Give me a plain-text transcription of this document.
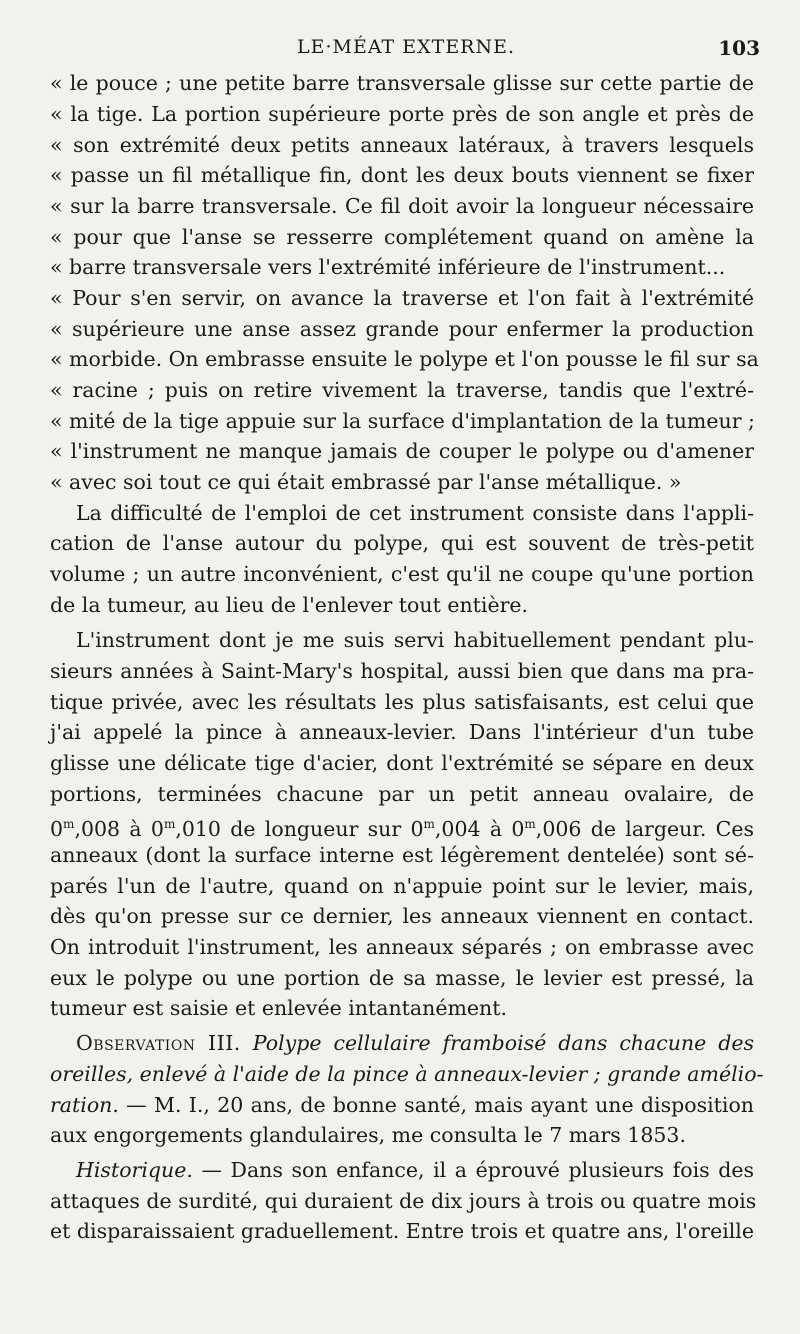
LE·MÉAT EXTERNE.	103
« le pouce ; une petite barre transversale glisse sur cette partie de
« la tige. La portion supérieure porte près de son angle et près de
« son extrémité deux petits anneaux latéraux, à travers lesquels
« passe un fil métallique fin, dont les deux bouts viennent se fixer
« sur la barre transversale. Ce fil doit avoir la longueur nécessaire
« pour que l'anse se resserre complétement quand on amène la
« barre transversale vers l'extrémité inférieure de l'instrument...
« Pour s'en servir, on avance la traverse et l'on fait à l'extrémité
« supérieure une anse assez grande pour enfermer la production
« morbide. On embrasse ensuite le polype et l'on pousse le fil sur sa
« racine ; puis on retire vivement la traverse, tandis que l'extré-
« mité de la tige appuie sur la surface d'implantation de la tumeur ;
« l'instrument ne manque jamais de couper le polype ou d'amener
« avec soi tout ce qui était embrassé par l'anse métallique. »
La difficulté de l'emploi de cet instrument consiste dans l'appli-
cation de l'anse autour du polype, qui est souvent de très-petit
volume ; un autre inconvénient, c'est qu'il ne coupe qu'une portion
de la tumeur, au lieu de l'enlever tout entière.
L'instrument dont je me suis servi habituellement pendant plu-
sieurs années à Saint-Mary's hospital, aussi bien que dans ma pra-
tique privée, avec les résultats les plus satisfaisants, est celui que
j'ai appelé la pince à anneaux-levier. Dans l'intérieur d'un tube
glisse une délicate tige d'acier, dont l'extrémité se sépare en deux
portions, terminées chacune par un petit anneau ovalaire, de
0$^m$,008 à 0$^m$,010 de longueur sur 0$^m$,004 à 0$^m$,006 de largeur. Ces
anneaux (dont la surface interne est légèrement dentelée) sont sé-
parés l'un de l'autre, quand on n'appuie point sur le levier, mais,
dès qu'on presse sur ce dernier, les anneaux viennent en contact.
On introduit l'instrument, les anneaux séparés ; on embrasse avec
eux le polype ou une portion de sa masse, le levier est pressé, la
tumeur est saisie et enlevée intantanément.
Observation III. Polype cellulaire framboisé dans chacune des
oreilles, enlevé à l'aide de la pince à anneaux-levier ; grande amélio-
ration. — M. I., 20 ans, de bonne santé, mais ayant une disposition
aux engorgements glandulaires, me consulta le 7 mars 1853.
Historique. — Dans son enfance, il a éprouvé plusieurs fois des
attaques de surdité, qui duraient de dix jours à trois ou quatre mois
et disparaissaient graduellement. Entre trois et quatre ans, l'oreille
